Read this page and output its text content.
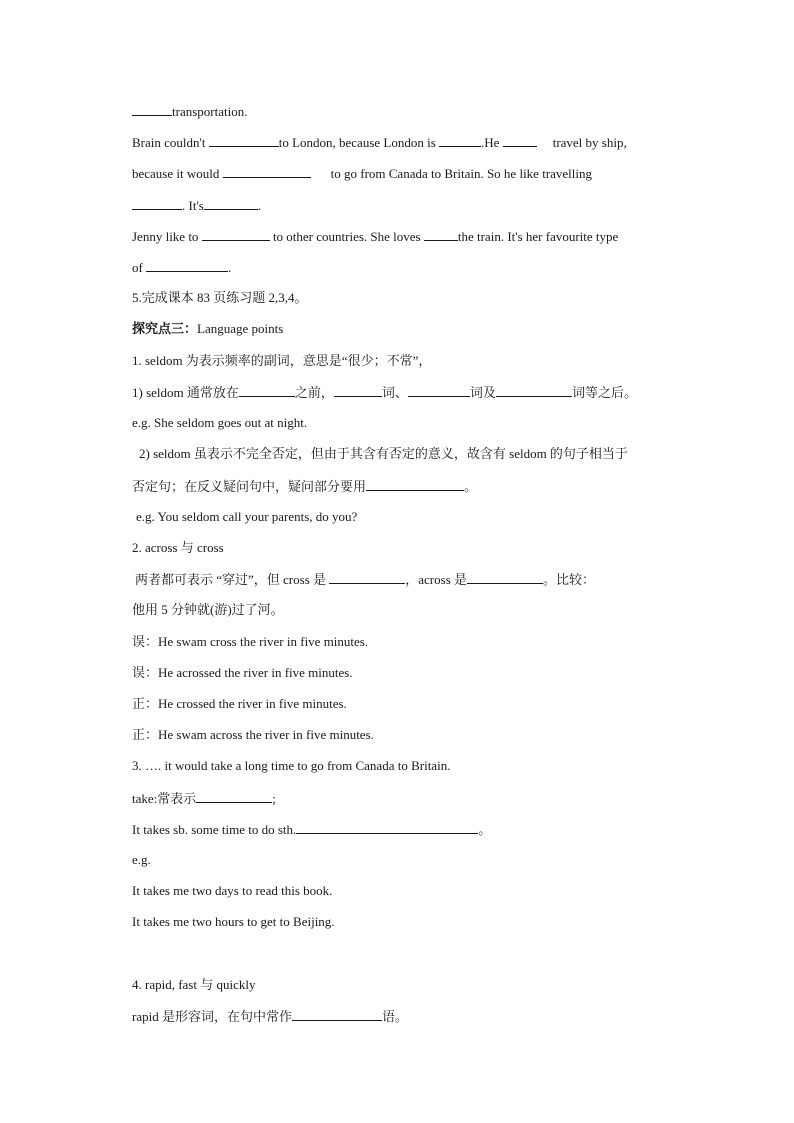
transportation.
Brain couldn't	to London, because London is	.He	travel by ship,
because it would	to go from Canada to Britain. So he like travelling
. It's	.
Jenny like to	to other countries. She loves	the train. It's her favourite type
of	.
5.完成课本 83 页练习题 2,3,4。
探究点三：Language points
1. seldom 为表示频率的副词，意思是“很少；不常”，
1) seldom 通常放在	之前，	词、	词及	词等之后。
e.g. She seldom goes out at night.
2) seldom 虽表示不完全否定，但由于其含有否定的意义，故含有 seldom 的句子相当于
否定句；在反义疑问句中，疑问部分要用	。
e.g. You seldom call your parents, do you?
2. across 与 cross
两者都可表示 “穿过”，但 cross 是	，across 是	。比较：
他用 5 分钟就(游)过了河。
误：He swam cross the river in five minutes.
误：He acrossed the river in five minutes.
正：He crossed the river in five minutes.
正：He swam across the river in five minutes.
3. …. it would take a long time to go from Canada to Britain.
take:常表示	;
It takes sb. some time to do sth.	。
e.g.
It takes me two days to read this book.
It takes me two hours to get to Beijing.
4. rapid, fast 与 quickly
rapid 是形容词，在句中常作	语。
